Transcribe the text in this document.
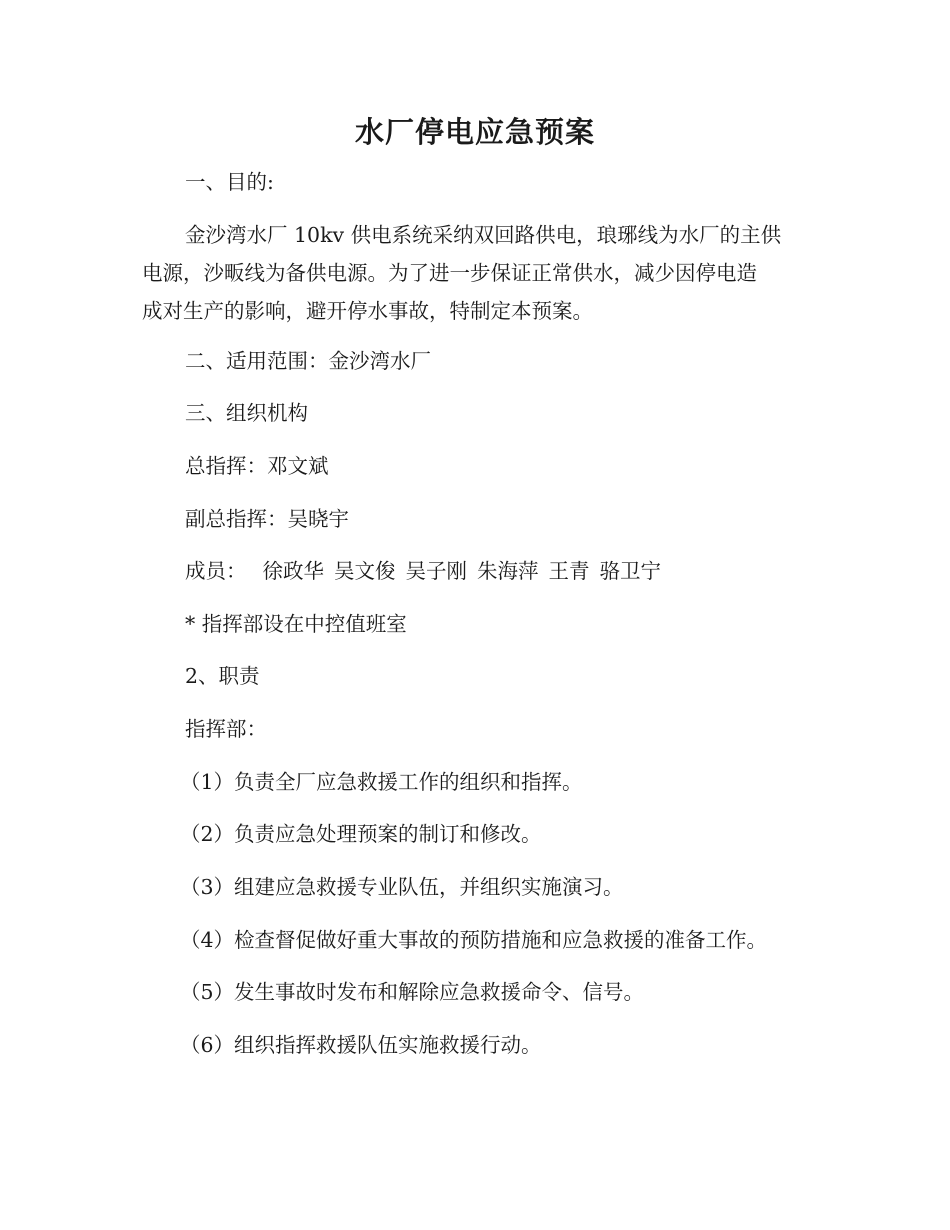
水厂停电应急预案

一、目的:

金沙湾水厂 10kv 供电系统采纳双回路供电，琅琊线为水厂的主供
电源，沙畈线为备供电源。为了进一步保证正常供水，减少因停电造
成对生产的影响，避开停水事故，特制定本预案。

二、适用范围：金沙湾水厂

三、组织机构

总指挥：邓文斌

副总指挥：吴晓宇

成员： 徐政华 吴文俊 吴子刚 朱海萍 王青 骆卫宁

* 指挥部设在中控值班室

2、职责

指挥部：

（1）负责全厂应急救援工作的组织和指挥。

（2）负责应急处理预案的制订和修改。

（3）组建应急救援专业队伍，并组织实施演习。

（4）检查督促做好重大事故的预防措施和应急救援的准备工作。

（5）发生事故时发布和解除应急救援命令、信号。

（6）组织指挥救援队伍实施救援行动。
